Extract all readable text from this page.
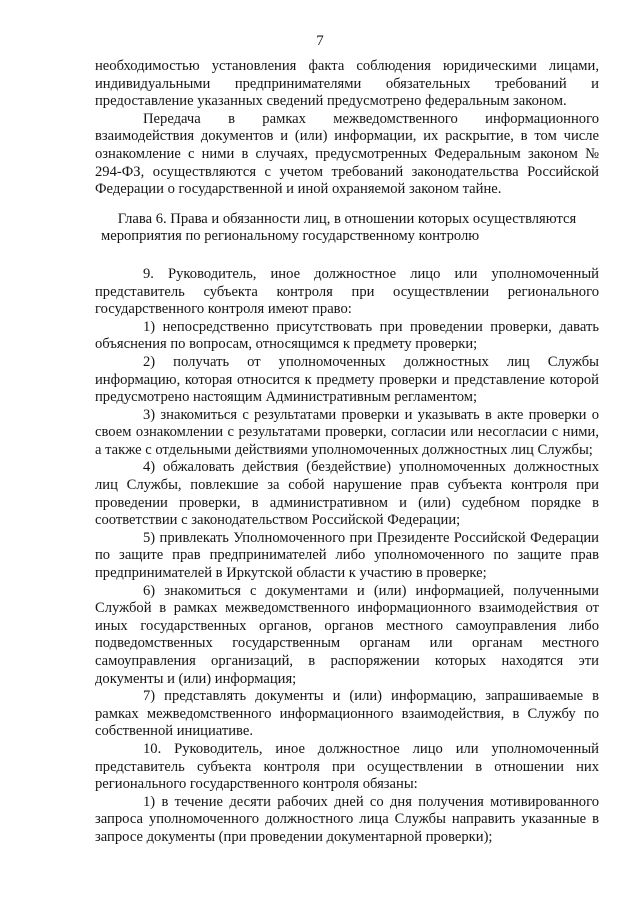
7

необходимостью установления факта соблюдения юридическими лицами, индивидуальными предпринимателями обязательных требований и предоставление указанных сведений предусмотрено федеральным законом.

Передача в рамках межведомственного информационного взаимодействия документов и (или) информации, их раскрытие, в том числе ознакомление с ними в случаях, предусмотренных Федеральным законом № 294-ФЗ, осуществляются с учетом требований законодательства Российской Федерации о государственной и иной охраняемой законом тайне.

Глава 6. Права и обязанности лиц, в отношении которых осуществляются мероприятия по региональному государственному контролю

9. Руководитель, иное должностное лицо или уполномоченный представитель субъекта контроля при осуществлении регионального государственного контроля имеют право:

1) непосредственно присутствовать при проведении проверки, давать объяснения по вопросам, относящимся к предмету проверки;

2) получать от уполномоченных должностных лиц Службы информацию, которая относится к предмету проверки и представление которой предусмотрено настоящим Административным регламентом;

3) знакомиться с результатами проверки и указывать в акте проверки о своем ознакомлении с результатами проверки, согласии или несогласии с ними, а также с отдельными действиями уполномоченных должностных лиц Службы;

4) обжаловать действия (бездействие) уполномоченных должностных лиц Службы, повлекшие за собой нарушение прав субъекта контроля при проведении проверки, в административном и (или) судебном порядке в соответствии с законодательством Российской Федерации;

5) привлекать Уполномоченного при Президенте Российской Федерации по защите прав предпринимателей либо уполномоченного по защите прав предпринимателей в Иркутской области к участию в проверке;

6) знакомиться с документами и (или) информацией, полученными Службой в рамках межведомственного информационного взаимодействия от иных государственных органов, органов местного самоуправления либо подведомственных государственным органам или органам местного самоуправления организаций, в распоряжении которых находятся эти документы и (или) информация;

7) представлять документы и (или) информацию, запрашиваемые в рамках межведомственного информационного взаимодействия, в Службу по собственной инициативе.

10. Руководитель, иное должностное лицо или уполномоченный представитель субъекта контроля при осуществлении в отношении них регионального государственного контроля обязаны:

1) в течение десяти рабочих дней со дня получения мотивированного запроса уполномоченного должностного лица Службы направить указанные в запросе документы (при проведении документарной проверки);
